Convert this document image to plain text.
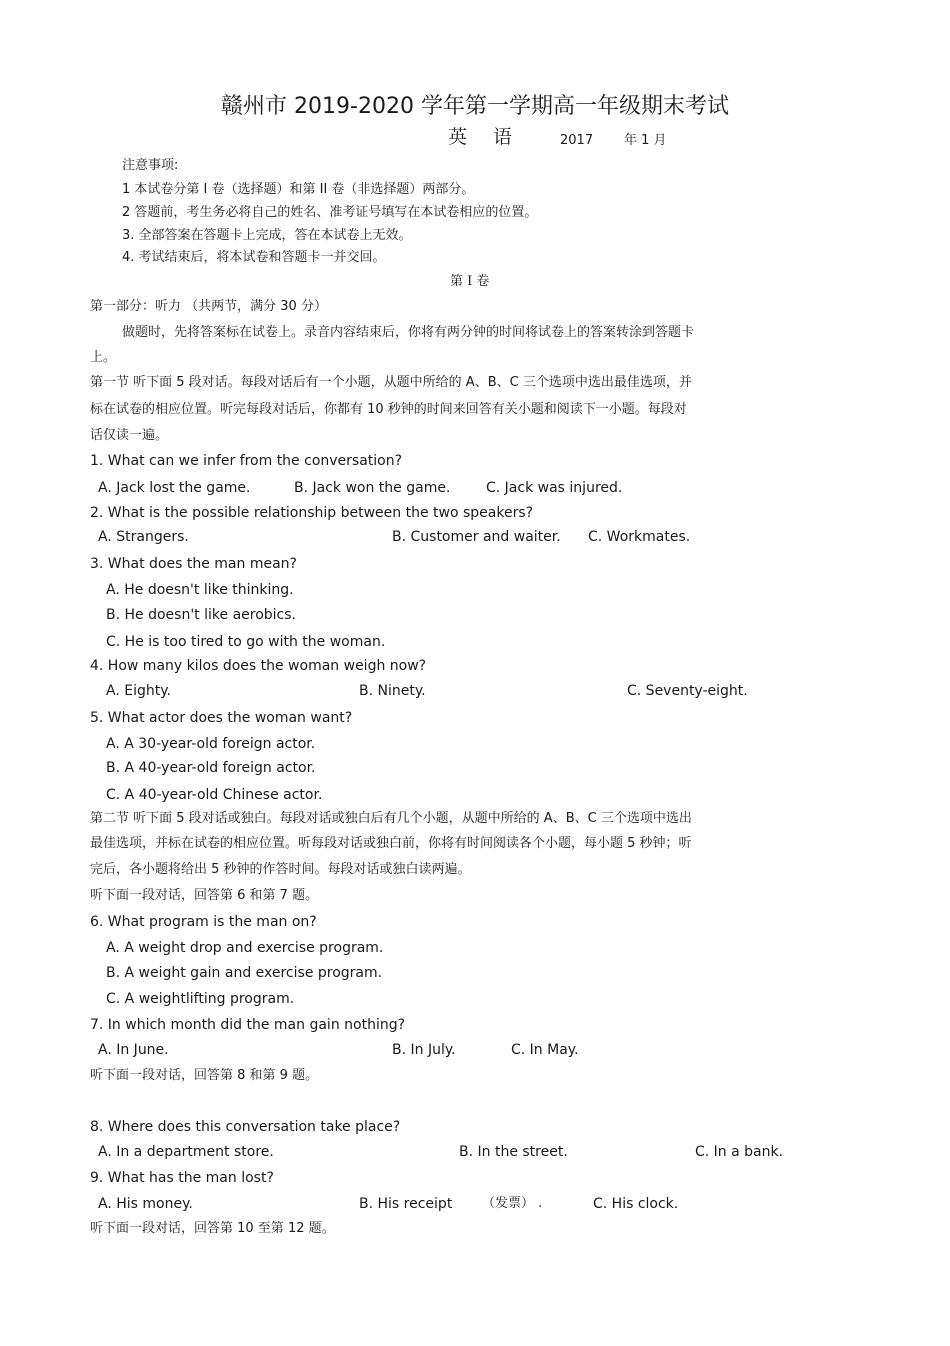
赣州市 2019-2020 学年第一学期高一年级期末考试
英 语	2017 年 1 月
注意事项:
1 本试卷分第 I 卷（选择题）和第 II 卷（非选择题）两部分。
2 答题前，考生务必将自己的姓名、准考证号填写在本试卷相应的位置。
3. 全部答案在答题卡上完成，答在本试卷上无效。
4. 考试结束后，将本试卷和答题卡一并交回。
第 I 卷
第一部分：听力 （共两节，满分 30 分）
做题时，先将答案标在试卷上。录音内容结束后，你将有两分钟的时间将试卷上的答案转涂到答题卡
上。
第一节 听下面 5 段对话。每段对话后有一个小题，从题中所给的 A、B、C 三个选项中选出最佳选项，并
标在试卷的相应位置。听完每段对话后，你都有 10 秒钟的时间来回答有关小题和阅读下一小题。每段对
话仅读一遍。
1. What can we infer from the conversation?
A. Jack lost the game.	B. Jack won the game.	C. Jack was injured.
2. What is the possible relationship between the two speakers?
A. Strangers.	B. Customer and waiter. C. Workmates.
3. What does the man mean?
A. He doesn't like thinking.
B. He doesn't like aerobics.
C. He is too tired to go with the woman.
4. How many kilos does the woman weigh now?
A. Eighty.	B. Ninety.	C. Seventy-eight.
5. What actor does the woman want?
A. A 30-year-old foreign actor.
B. A 40-year-old foreign actor.
C. A 40-year-old Chinese actor.
第二节 听下面 5 段对话或独白。每段对话或独白后有几个小题，从题中所给的 A、B、C 三个选项中选出
最佳选项，并标在试卷的相应位置。听每段对话或独白前，你将有时间阅读各个小题，每小题 5 秒钟；听
完后，各小题将给出 5 秒钟的作答时间。每段对话或独白读两遍。
听下面一段对话，回答第 6 和第 7 题。
6. What program is the man on?
A. A weight drop and exercise program.
B. A weight gain and exercise program.
C. A weightlifting program.
7. In which month did the man gain nothing?
A. In June.	B. In July.	C. In May.
听下面一段对话，回答第 8 和第 9 题。
8. Where does this conversation take place?
A. In a department store.	B. In the street.	C. In a bank.
9. What has the man lost?
A. His money.	B. His receipt （发票） .	C. His clock.
听下面一段对话，回答第 10 至第 12 题。
